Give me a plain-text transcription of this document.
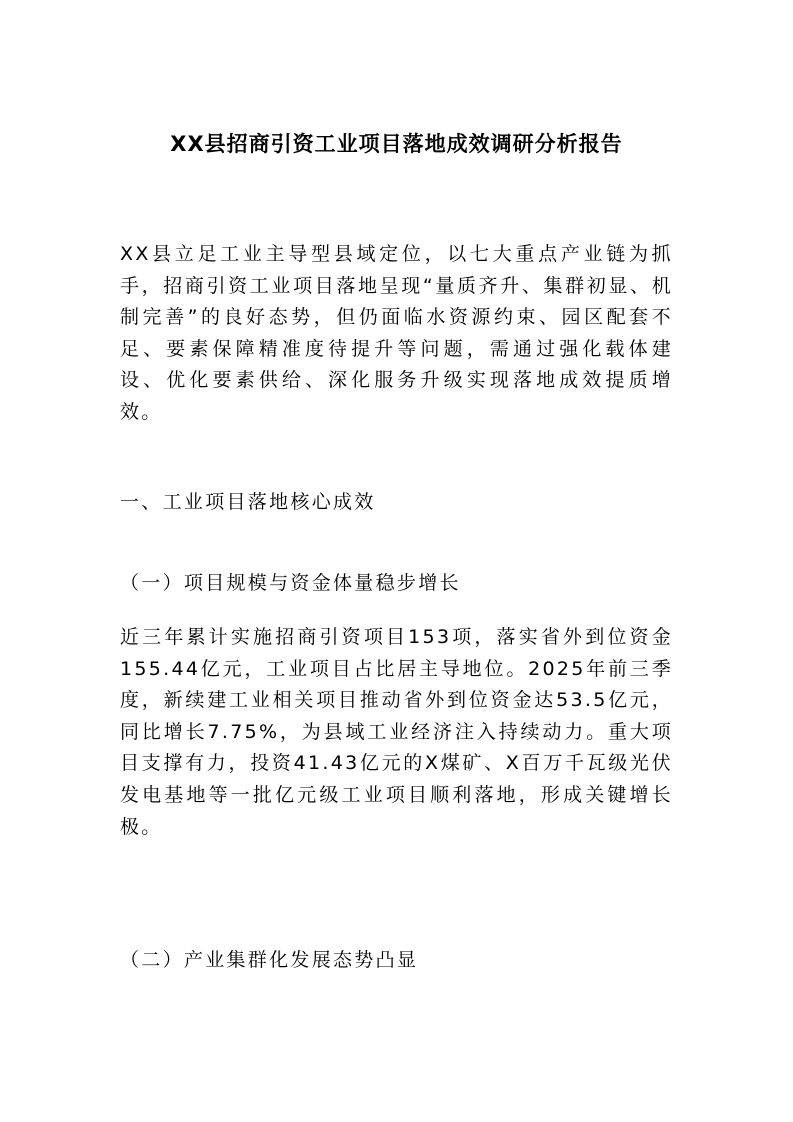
XX县招商引资工业项目落地成效调研分析报告

XX县立足工业主导型县域定位，以七大重点产业链为抓手，招商引资工业项目落地呈现“量质齐升、集群初显、机制完善”的良好态势，但仍面临水资源约束、园区配套不足、要素保障精准度待提升等问题，需通过强化载体建设、优化要素供给、深化服务升级实现落地成效提质增效。

一、工业项目落地核心成效
（一）项目规模与资金体量稳步增长

近三年累计实施招商引资项目153项，落实省外到位资金155.44亿元，工业项目占比居主导地位。2025年前三季度，新续建工业相关项目推动省外到位资金达53.5亿元，同比增长7.75%，为县域工业经济注入持续动力。重大项目支撑有力，投资41.43亿元的X煤矿、X百万千瓦级光伏发电基地等一批亿元级工业项目顺利落地，形成关键增长极。

（二）产业集群化发展态势凸显
